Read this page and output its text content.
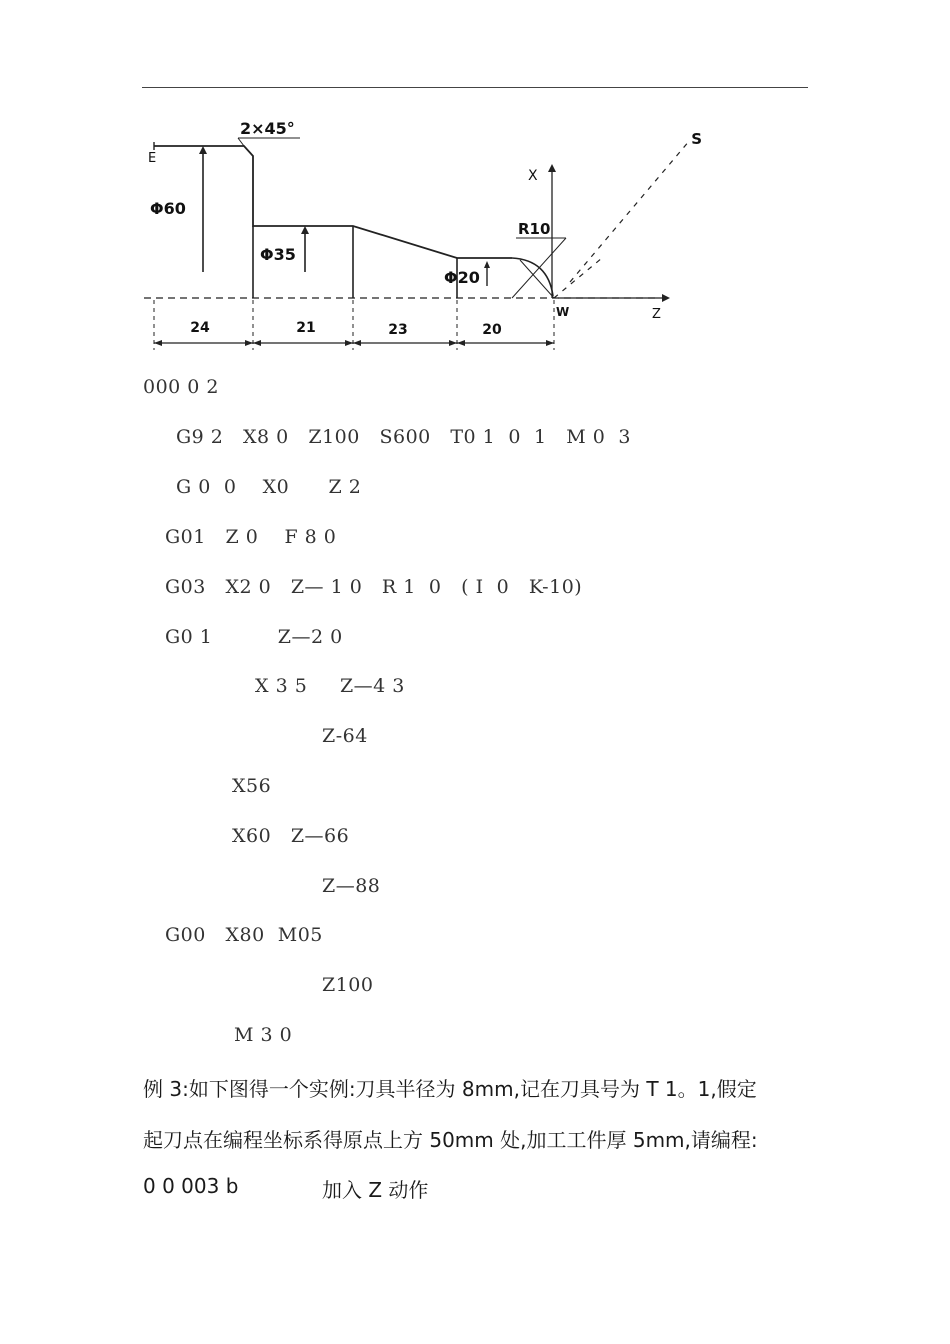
2×45°
E
S
X
Z
W
R10
Φ60
Φ35
Φ20
24	21	23	20
000 0 2
G9 2   X8 0   Z100   S600   T0 1  0  1   M 0  3
G 0  0    X0      Z 2
G01   Z 0    F 8 0
G03   X2 0   Z— 1 0   R 1  0   ( I  0   K-10)
G0 1          Z—2 0
X 3 5     Z—4 3
Z-64
X56
X60   Z—66
Z—88
G00   X80  M05
Z100
M 3 0
例 3:如下图得一个实例:刀具半径为 8mm,记在刀具号为 T 1。1,假定
起刀点在编程坐标系得原点上方 50mm 处,加工工件厚 5mm,请编程:
0 0 003 b	加入 Z 动作
